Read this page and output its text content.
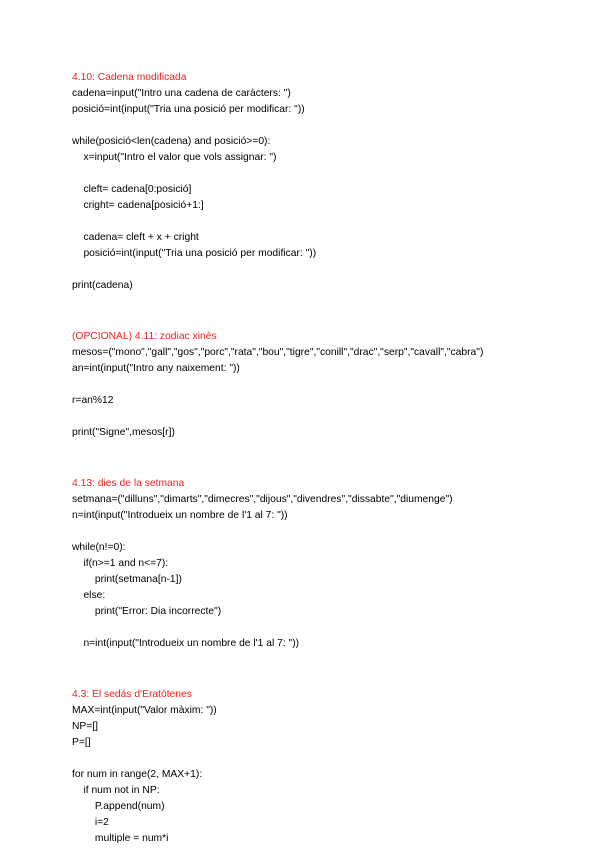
4.10: Cadena modificada
cadena=input("Intro una cadena de caràcters: ")
posició=int(input("Tria una posició per modificar: "))
while(posició<len(cadena) and posició>=0):
x=input("Intro el valor que vols assignar: ")
cleft= cadena[0:posició]
cright= cadena[posició+1:]
cadena= cleft + x + cright
posició=int(input("Tria una posició per modificar: "))
print(cadena)
(OPCIONAL) 4.11: zodiac xinès
mesos=("mono","gall","gos","porc","rata","bou","tigre","conill","drac","serp","cavall","cabra")
an=int(input("Intro any naixement: "))
r=an%12
print("Signe",mesos[r])
4.13: dies de la setmana
setmana=("dilluns","dimarts","dimecres","dijous","divendres","dissabte","diumenge")
n=int(input("Introdueix un nombre de l'1 al 7: "))
while(n!=0):
if(n>=1 and n<=7):
print(setmana[n-1])
else:
print("Error: Dia incorrecte")
n=int(input("Introdueix un nombre de l'1 al 7: "))
4.3: El sedás d'Eratòtenes
MAX=int(input("Valor màxim: "))
NP=[]
P=[]
for num in range(2, MAX+1):
if num not in NP:
P.append(num)
i=2
multiple = num*i
